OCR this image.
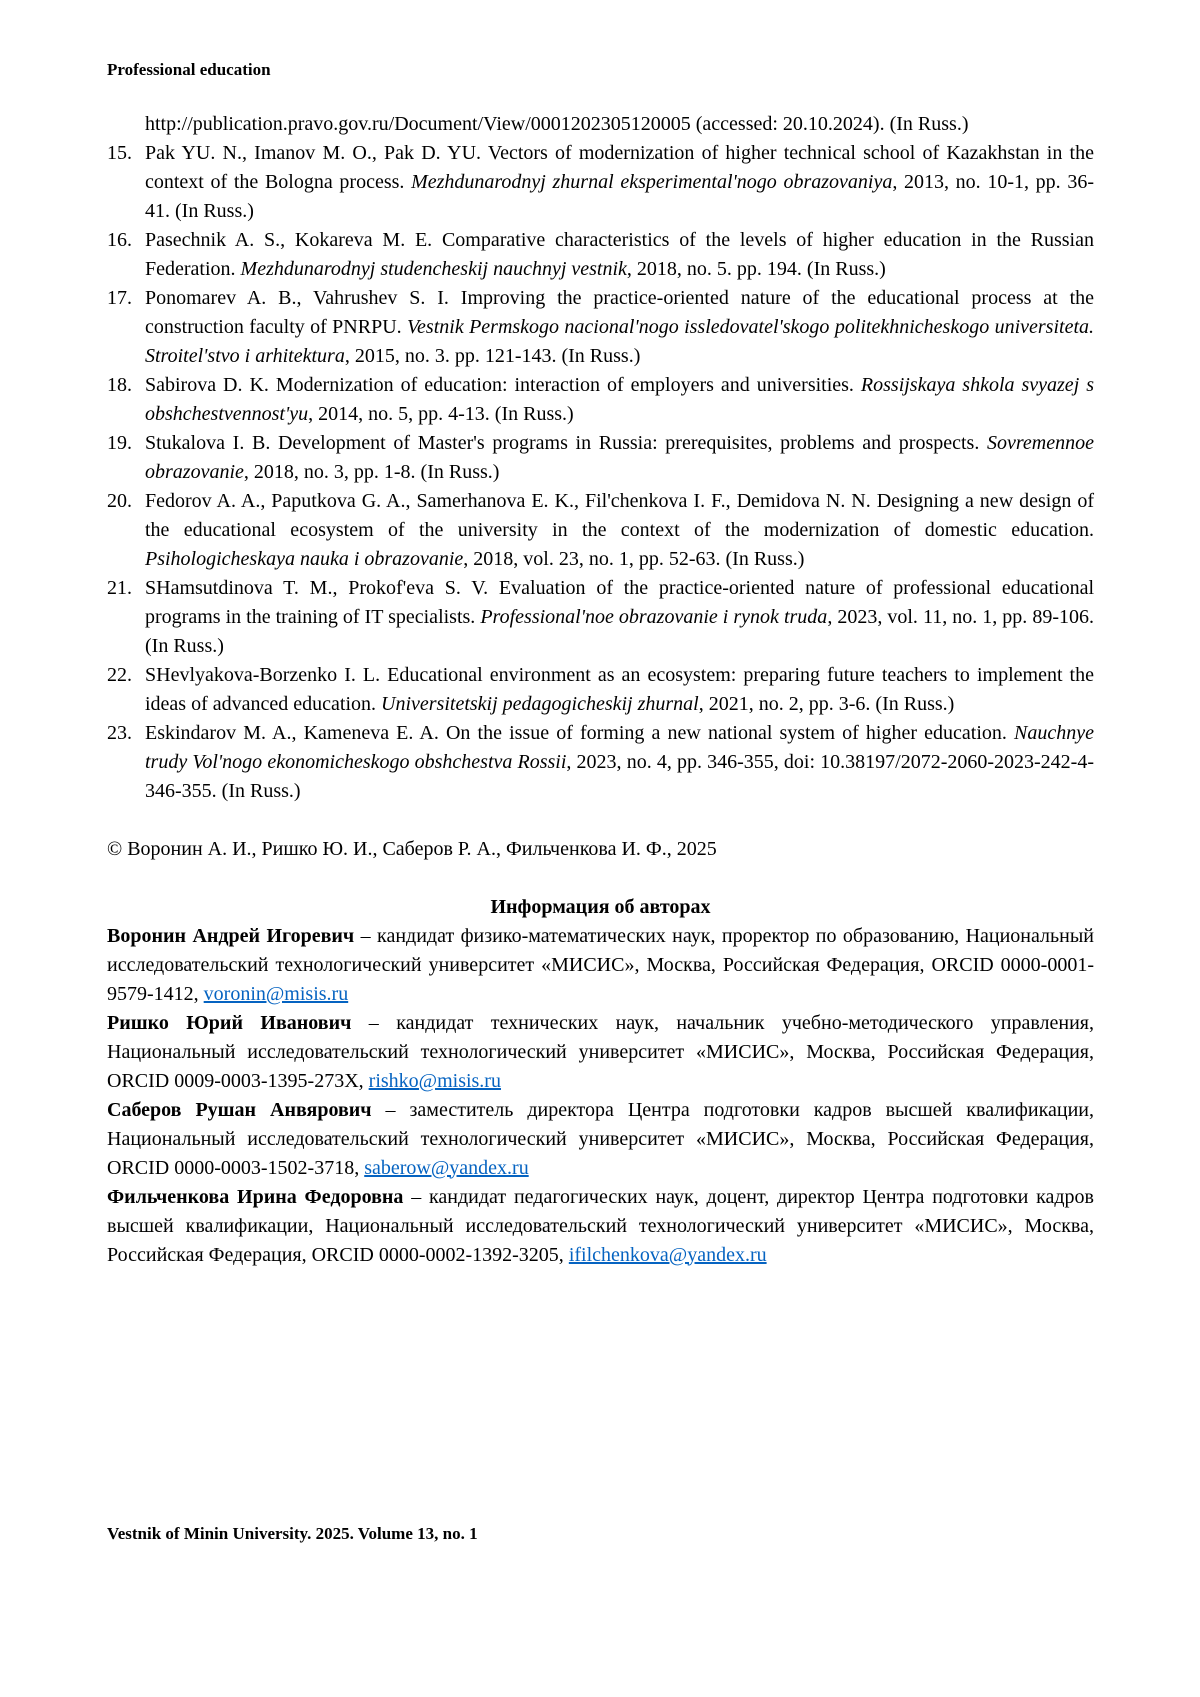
Professional education
http://publication.pravo.gov.ru/Document/View/0001202305120005 (accessed: 20.10.2024). (In Russ.)
15. Pak YU. N., Imanov M. O., Pak D. YU. Vectors of modernization of higher technical school of Kazakhstan in the context of the Bologna process. Mezhdunarodnyj zhurnal eksperimental'nogo obrazovaniya, 2013, no. 10-1, pp. 36-41. (In Russ.)
16. Pasechnik A. S., Kokareva M. E. Comparative characteristics of the levels of higher education in the Russian Federation. Mezhdunarodnyj studencheskij nauchnyj vestnik, 2018, no. 5. pp. 194. (In Russ.)
17. Ponomarev A. B., Vahrushev S. I. Improving the practice-oriented nature of the educational process at the construction faculty of PNRPU. Vestnik Permskogo nacional'nogo issledovatel'skogo politekhnicheskogo universiteta. Stroitel'stvo i arhitektura, 2015, no. 3. pp. 121-143. (In Russ.)
18. Sabirova D. K. Modernization of education: interaction of employers and universities. Rossijskaya shkola svyazej s obshchestvennost'yu, 2014, no. 5, pp. 4-13. (In Russ.)
19. Stukalova I. B. Development of Master's programs in Russia: prerequisites, problems and prospects. Sovremennoe obrazovanie, 2018, no. 3, pp. 1-8. (In Russ.)
20. Fedorov A. A., Paputkova G. A., Samerhanova E. K., Fil'chenkova I. F., Demidova N. N. Designing a new design of the educational ecosystem of the university in the context of the modernization of domestic education. Psihologicheskaya nauka i obrazovanie, 2018, vol. 23, no. 1, pp. 52-63. (In Russ.)
21. SHamsutdinova T. M., Prokof'eva S. V. Evaluation of the practice-oriented nature of professional educational programs in the training of IT specialists. Professional'noe obrazovanie i rynok truda, 2023, vol. 11, no. 1, pp. 89-106. (In Russ.)
22. SHevlyakova-Borzenko I. L. Educational environment as an ecosystem: preparing future teachers to implement the ideas of advanced education. Universitetskij pedagogicheskij zhurnal, 2021, no. 2, pp. 3-6. (In Russ.)
23. Eskindarov M. A., Kameneva E. A. On the issue of forming a new national system of higher education. Nauchnye trudy Vol'nogo ekonomicheskogo obshchestva Rossii, 2023, no. 4, pp. 346-355, doi: 10.38197/2072-2060-2023-242-4-346-355. (In Russ.)
© Воронин А. И., Ришко Ю. И., Саберов Р. А., Фильченкова И. Ф., 2025
Информация об авторах

Воронин Андрей Игоревич – кандидат физико-математических наук, проректор по образованию, Национальный исследовательский технологический университет «МИСИС», Москва, Российская Федерация, ORCID 0000-0001-9579-1412, voronin@misis.ru

Ришко Юрий Иванович – кандидат технических наук, начальник учебно-методического управления, Национальный исследовательский технологический университет «МИСИС», Москва, Российская Федерация, ORCID 0009-0003-1395-273X, rishko@misis.ru

Саберов Рушан Анвярович – заместитель директора Центра подготовки кадров высшей квалификации, Национальный исследовательский технологический университет «МИСИС», Москва, Российская Федерация, ORCID 0000-0003-1502-3718, saberow@yandex.ru

Фильченкова Ирина Федоровна – кандидат педагогических наук, доцент, директор Центра подготовки кадров высшей квалификации, Национальный исследовательский технологический университет «МИСИС», Москва, Российская Федерация, ORCID 0000-0002-1392-3205, ifilchenkova@yandex.ru

Vestnik of Minin University. 2025. Volume 13, no. 1
